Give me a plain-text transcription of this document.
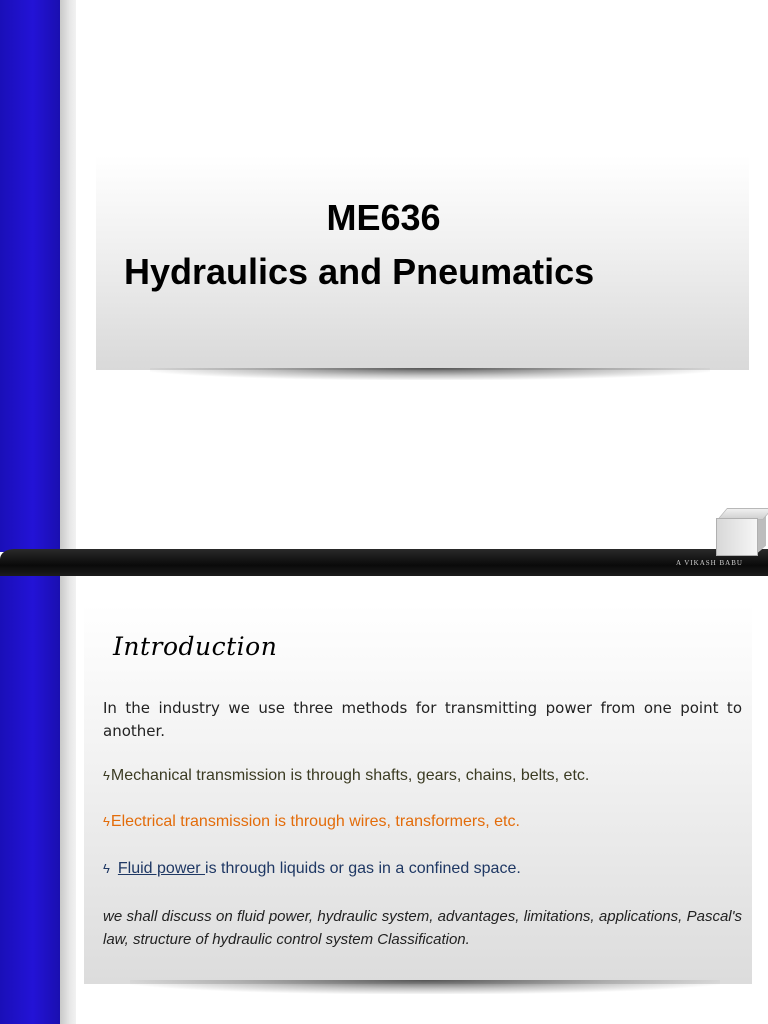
ME636
Hydraulics and Pneumatics
A VIKASH BABU
Introduction
In the industry we use three methods for transmitting power from one point to another.
ϟMechanical transmission is through shafts, gears, chains, belts, etc.
ϟElectrical transmission is through wires, transformers, etc.
ϟ Fluid power is through liquids or gas in a confined space.
we shall discuss on fluid power, hydraulic system, advantages, limitations, applications, Pascal's law, structure of hydraulic control system Classification.
